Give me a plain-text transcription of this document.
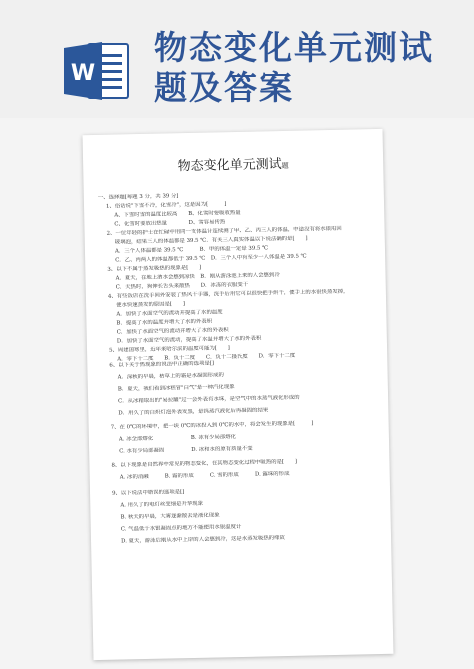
W
物态变化单元测试题及答案
物态变化单元测试题
一、选择题[每题 3 分，共 39 分]
1、俗话说"下雪不冷，化雪冷"，这是因为[　　　]
A、下雪时雪的温度比较高　　B、化雪时要吸收热量
C、化雪时要放出热量　　　　D、雪容易传热
2、一位年轻的护士在忙碌中用同一支体温计连续测了甲、乙、丙三人的体温，中途没有将水银甩回
玻璃泡，结果三人的体温都是 39.5 ℃．有关三人真实体温以下说法确的是[　　]
A．三个人体温都是 39.5 ℃　　　B．甲的体温一定是 39.5 ℃
C．乙、丙两人的体温都低于 39.5 ℃　D．三个人中有至少一人体温是 39.5 ℃
3、以下不属于蒸发吸热的现象是[　　]
A．夏天，在地上洒水会感到凉快　B．刚从游泳池上来的人会感到冷
C．天热时，狗伸长舌头来散热　　D．冰冻的衣服变干
4、有些饭店在洗手间外安装了热风干手器，洗手后用它可以很快把手烘干，使手上的水很快蒸发掉，
使水快速蒸发的原因是[　　]
A．加快了水面空气的流动并提高了水的温度
B．提高了水的温度并增大了水的外表积
C．加快了水面空气的流动并增大了水的外表积
D．加快了水面空气的流动，提高了水温并增大了水的外表积
5、周建国寒里，近年来哈尔滨的温度可能为[　　]
A．零下十二度　　B．负十二度　　C．负十二摄氏度　　D．零下十二度
6、以下关于热现象的说法中正确的选项是[]
A．深秋的早晨，枯草上的霜是水凝固形成的
B．夏天，我们看到冰糕冒"白气"是一种汽化现象
C．从冰箱取出的"易拉罐"过一会外表有水珠，是空气中的水蒸气液化形成的
D．用久了的白炽灯泡外表发黑，是钨蒸汽液化后再凝固的结果
7、在 0℃的环境中，把一块 0℃的冰投入到 0℃的水中，将会发生的现象是[　　　]
A. 冰全部熔化　　　　　　　B. 冰有少局部熔化
C. 水有少局部凝固　　　　　D. 冰和水的原有质量不变
8、以下现象是自然界中常见的物态变化，在其物态变化过程中吸热的是[　　]
A. 冰的消融　　　B. 霜的形成　　　C. 雪的形成　　　D. 露珠的形成
9、以下说法中错误的选项是[]
A. 用久了的电灯丝变细是升华现象
B. 秋天的早晨，大雾逐渐散去是液化现象
C. 气温低于水银凝固点的地方不能使用水银温度计
D. 夏天，游泳后刚从水中上岸的人会感到冷，这是水蒸发吸热的缘故
